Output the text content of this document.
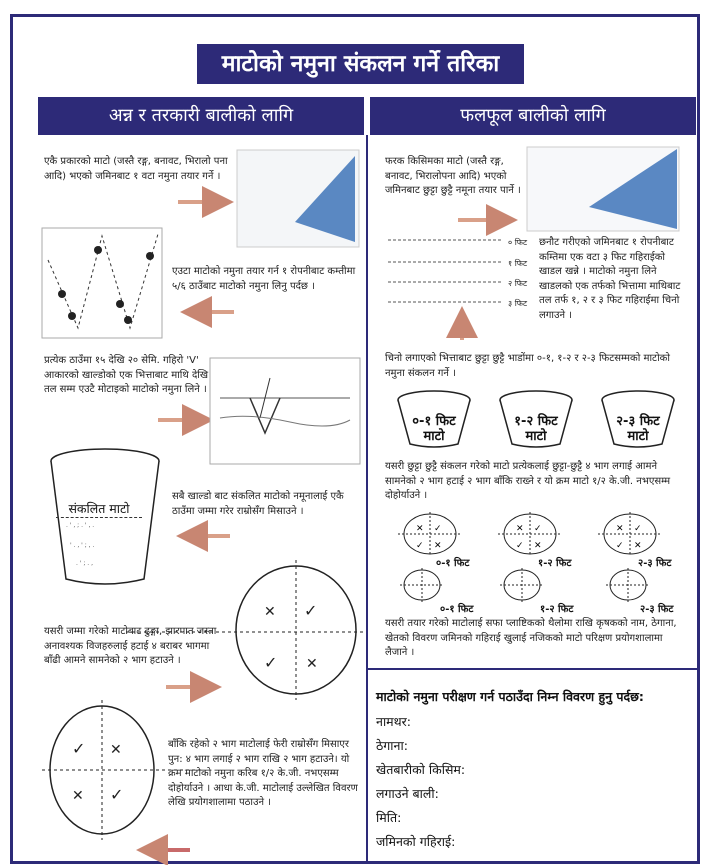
माटोको नमुना संकलन गर्ने तरिका
अन्न र तरकारी बालीको लागि	फलफूल बालीको लागि
एकै प्रकारको माटो (जस्तै रङ्ग, बनावट, भिरालो पना आदि) भएको जमिनबाट १ वटा नमुना तयार गर्ने ।
एउटा माटोको नमुना तयार गर्न १ रोपनीबाट कम्तीमा ५/६ ठाउँबाट माटोको नमुना लिनु पर्दछ ।
प्रत्येक ठाउँमा १५ देखि २० सेमि. गहिरो 'V' आकारको खाल्डोको एक भित्ताबाट माथि देखि तल सम्म एउटै मोटाइको माटोको नमुना लिने ।
. ' , ; . ' , .
' . , ' ; , .
. ' ; . ,
संकलित माटो
सबै खाल्डो बाट संकलित माटोको नमूनालाई एकै ठाउँमा जम्मा गरेर राम्रोसँग मिसाउने ।
✕ ✓
✓ ✕
यसरी जम्मा गरेको माटोबाट ढुङ्गा, झारपात जस्ता अनावश्यक विजहरुलाई हटाई ४ बराबर भागमा बाँढी आमने सामनेको २ भाग हटाउने ।
✓ ✕
✕ ✓
बाँकि रहेको २ भाग माटोलाई फेरी राम्रोसँग मिसाएर पुन: ४ भाग लगाई २ भाग राखि २ भाग हटाउने। यो क्रम माटोको नमुना करिब १/२ के.जी. नभएसम्म दोहोर्याउने । आधा के.जी. माटोलाई उल्लेखित विवरण लेखि प्रयोगशालामा पठाउने ।
फरक किसिमका माटो (जस्तै रङ्ग, बनावट, भिरालोपना आदि) भएको जमिनबाट छुट्टा छुट्टै नमूना तयार पार्ने ।
० फिट
१ फिट
२ फिट
३ फिट
छनौट गरीएको जमिनबाट १ रोपनीबाट कम्तिमा एक वटा ३ फिट गहिराईको खाडल खन्ने । माटोको नमुना लिने खाडलको एक तर्फको भित्तामा माथिबाट तल तर्फ १, २ र ३ फिट गहिराईमा चिनो लगाउने ।
चिनो लगाएको भित्ताबाट छुट्टा छुट्टै भाडोंमा ०-१, १-२ र २-३ फिटसम्मको माटोको नमुना संकलन गर्ने ।
०-१ फिट माटो
१-२ फिट माटो
२-३ फिट माटो
यसरी छुट्टा छुट्टै संकलन गरेको माटो प्रत्येकलाई छुट्टा-छुट्टै ४ भाग लगाई आमने सामनेको २ भाग हटाई २ भाग बाँकि राख्ने र यो क्रम माटो १/२ के.जी. नभएसम्म दोहोर्याउने ।
✕ ✓
✓ ✕
✕ ✓
✓ ✕
✕ ✓
✓ ✕
०-१ फिट	१-२ फिट	२-३ फिट
०-१ फिट	१-२ फिट	२-३ फिट
यसरी तयार गरेको माटोलाई सफा प्लाष्टिकको थैलोमा राखि कृषकको नाम, ठेगाना, खेतको विवरण जमिनको गहिराई खुलाई नजिकको माटो परिक्षण प्रयोगशालामा लैजाने ।
माटोको नमुना परीक्षण गर्न पठाउँदा निम्न विवरण हुनु पर्दछ:
नामथर:
ठेगाना:
खेतबारीको किसिम:
लगाउने बाली:
मिति:
जमिनको गहिराई:
